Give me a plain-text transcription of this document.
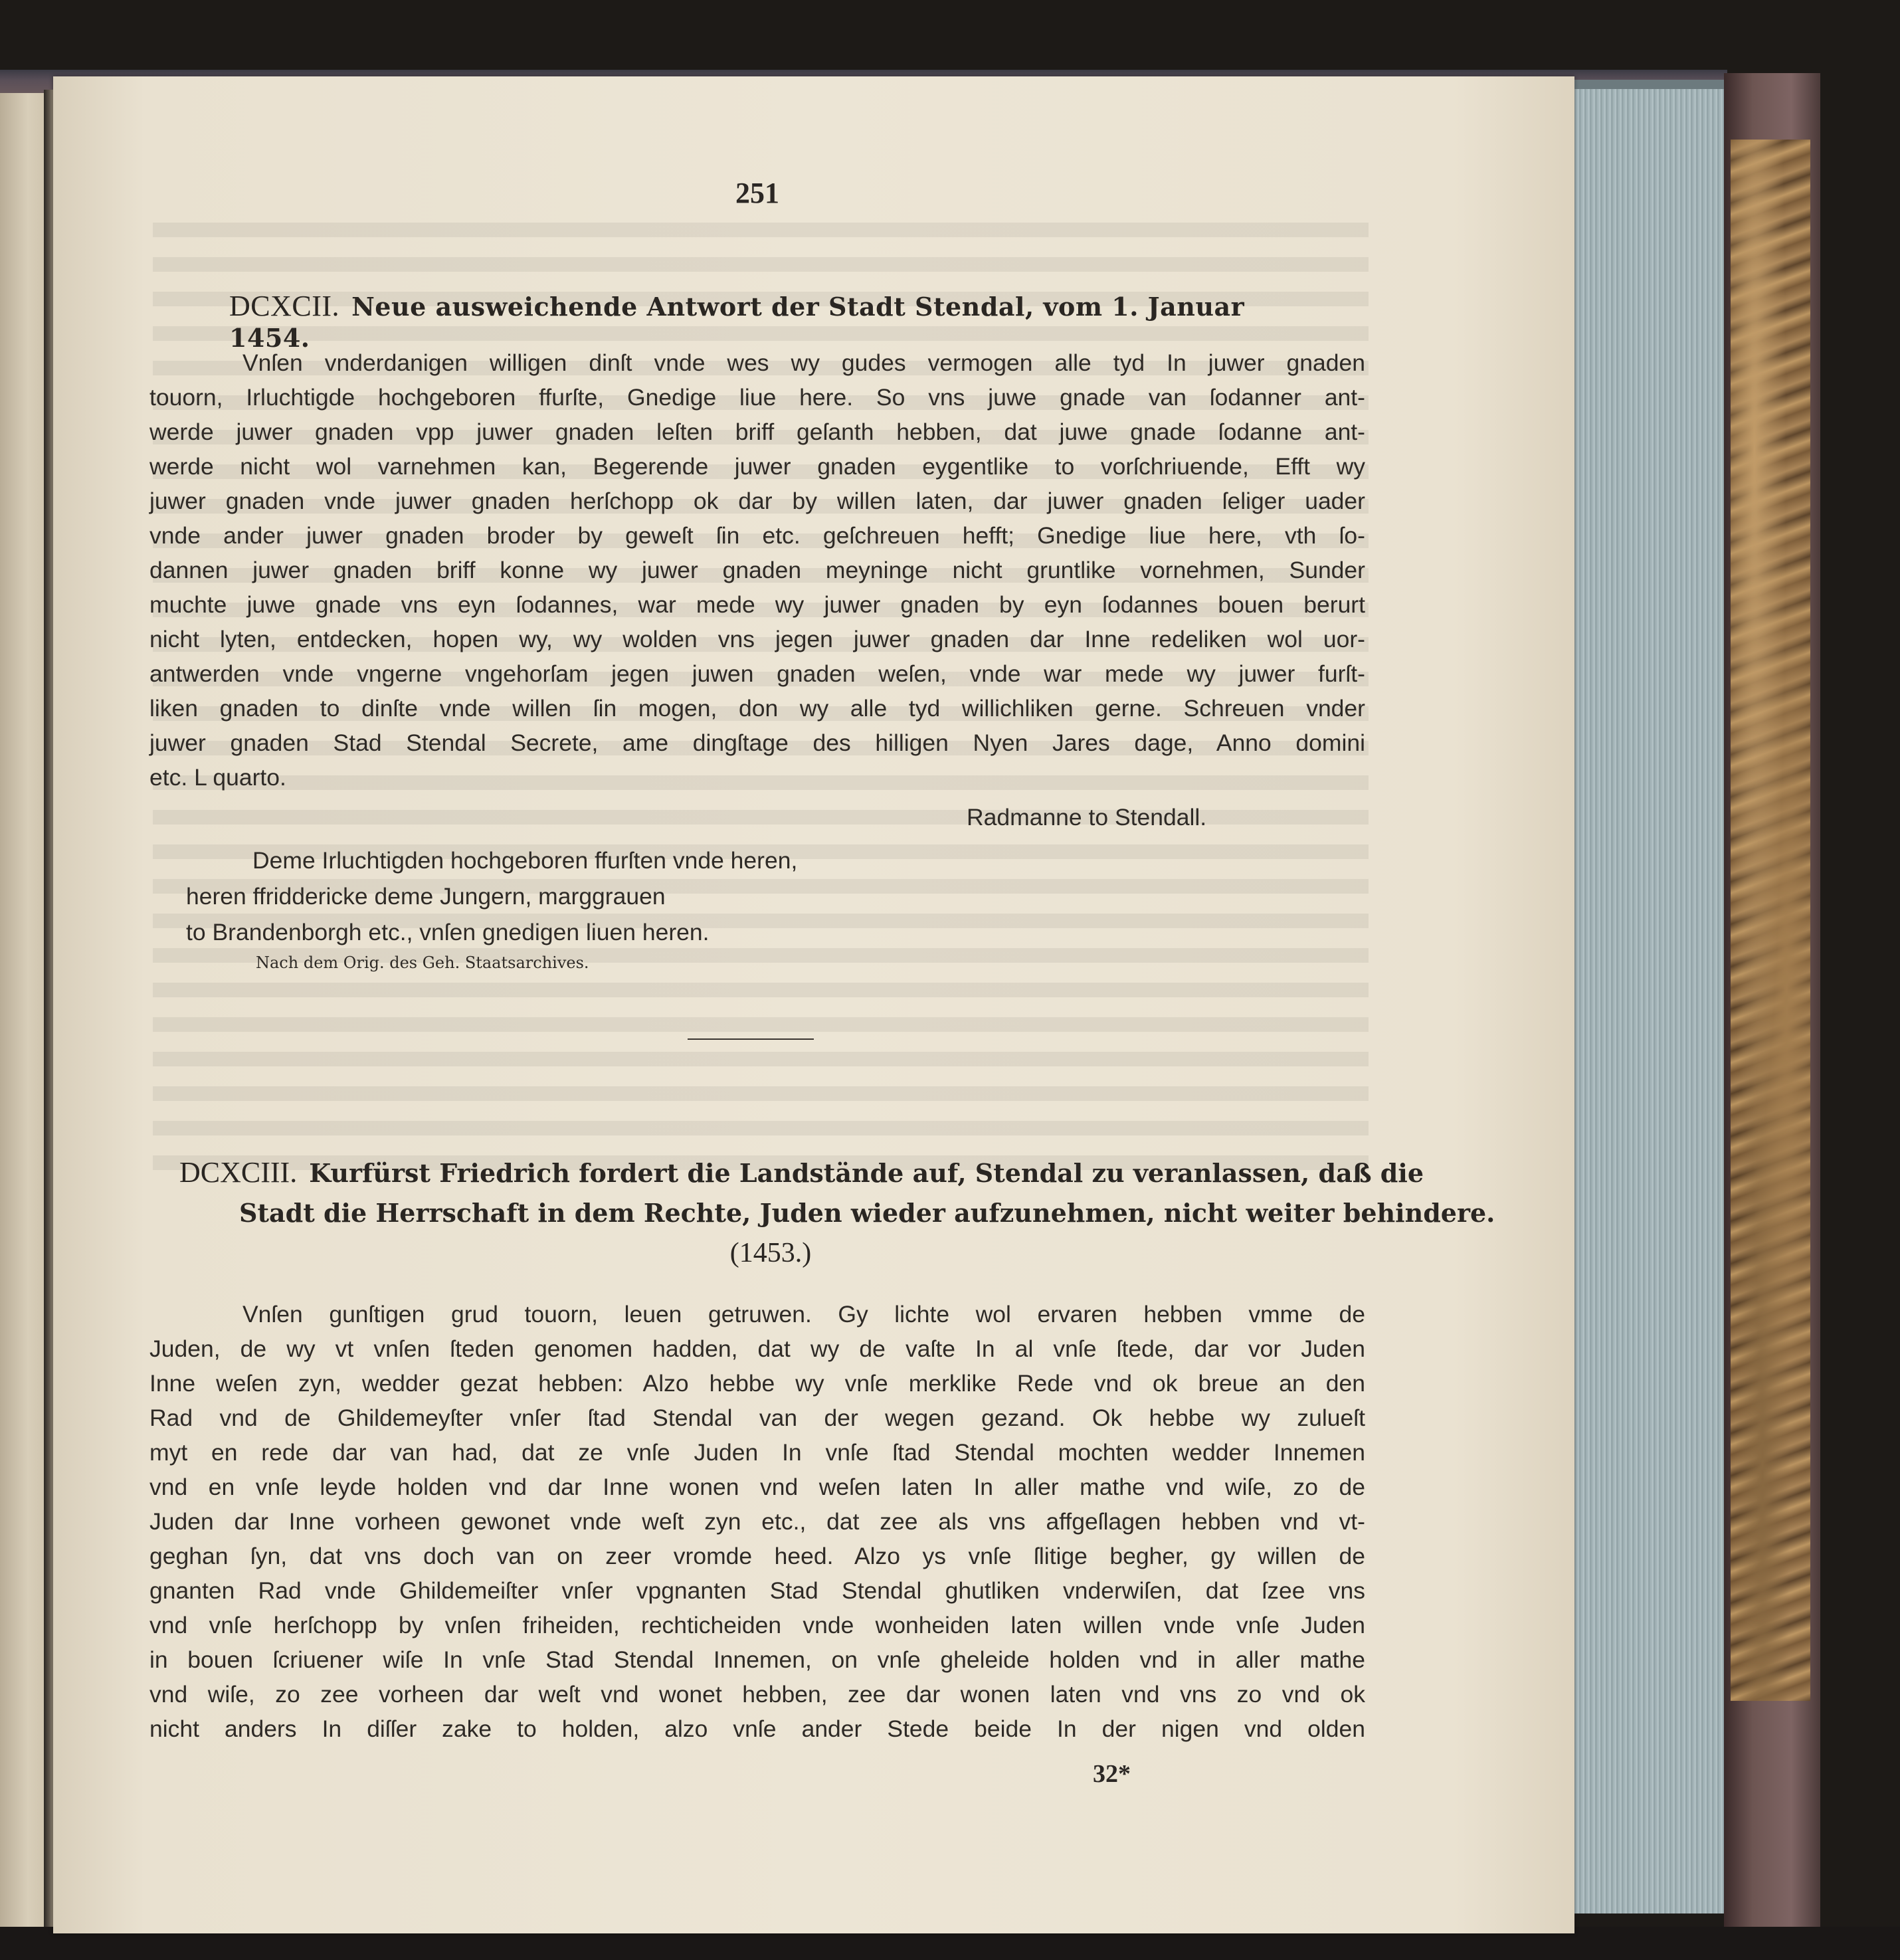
251
DCXCII. Neue ausweichende Antwort der Stadt Stendal, vom 1. Januar 1454.
Vnſen vnderdanigen willigen dinſt vnde wes wy gudes vermogen alle tyd In juwer gnaden
touorn, Irluchtigde hochgeboren ffurſte, Gnedige liue here. So vns juwe gnade van ſodanner ant-
werde juwer gnaden vpp juwer gnaden leſten briff geſanth hebben, dat juwe gnade ſodanne ant-
werde nicht wol varnehmen kan, Begerende juwer gnaden eygentlike to vorſchriuende, Efft wy
juwer gnaden vnde juwer gnaden herſchopp ok dar by willen laten, dar juwer gnaden ſeliger uader
vnde ander juwer gnaden broder by geweſt ſin etc. geſchreuen hefft; Gnedige liue here, vth ſo-
dannen juwer gnaden briff konne wy juwer gnaden meyninge nicht gruntlike vornehmen, Sunder
muchte juwe gnade vns eyn ſodannes, war mede wy juwer gnaden by eyn ſodannes bouen berurt
nicht lyten, entdecken, hopen wy, wy wolden vns jegen juwer gnaden dar Inne redeliken wol uor-
antwerden vnde vngerne vngehorſam jegen juwen gnaden weſen, vnde war mede wy juwer furſt-
liken gnaden to dinſte vnde willen ſin mogen, don wy alle tyd willichliken gerne. Schreuen vnder
juwer gnaden Stad Stendal Secrete, ame dingſtage des hilligen Nyen Jares dage, Anno domini
etc. L quarto.
Radmanne to Stendall.
Deme Irluchtigden hochgeboren ffurſten vnde heren,
heren ffriddericke deme Jungern, marggrauen
to Brandenborgh etc., vnſen gnedigen liuen heren.
Nach dem Orig. des Geh. Staatsarchives.
DCXCIII. Kurfürst Friedrich fordert die Landstände auf, Stendal zu veranlassen, daß die
Stadt die Herrschaft in dem Rechte, Juden wieder aufzunehmen, nicht weiter behindere.
(1453.)
Vnſen gunſtigen grud touorn, leuen getruwen. Gy lichte wol ervaren hebben vmme de
Juden, de wy vt vnſen ſteden genomen hadden, dat wy de vaſte In al vnſe ſtede, dar vor Juden
Inne weſen zyn, wedder gezat hebben: Alzo hebbe wy vnſe merklike Rede vnd ok breue an den
Rad vnd de Ghildemeyſter vnſer ſtad Stendal van der wegen gezand. Ok hebbe wy zulueſt
myt en rede dar van had, dat ze vnſe Juden In vnſe ſtad Stendal mochten wedder Innemen
vnd en vnſe leyde holden vnd dar Inne wonen vnd weſen laten In aller mathe vnd wiſe, zo de
Juden dar Inne vorheen gewonet vnde weſt zyn etc., dat zee als vns affgeſlagen hebben vnd vt-
geghan ſyn, dat vns doch van on zeer vromde heed. Alzo ys vnſe ſlitige begher, gy willen de
gnanten Rad vnde Ghildemeiſter vnſer vpgnanten Stad Stendal ghutliken vnderwiſen, dat ſzee vns
vnd vnſe herſchopp by vnſen friheiden, rechticheiden vnde wonheiden laten willen vnde vnſe Juden
in bouen ſcriuener wiſe In vnſe Stad Stendal Innemen, on vnſe gheleide holden vnd in aller mathe
vnd wiſe, zo zee vorheen dar weſt vnd wonet hebben, zee dar wonen laten vnd vns zo vnd ok
nicht anders In diſſer zake to holden, alzo vnſe ander Stede beide In der nigen vnd olden
32*
